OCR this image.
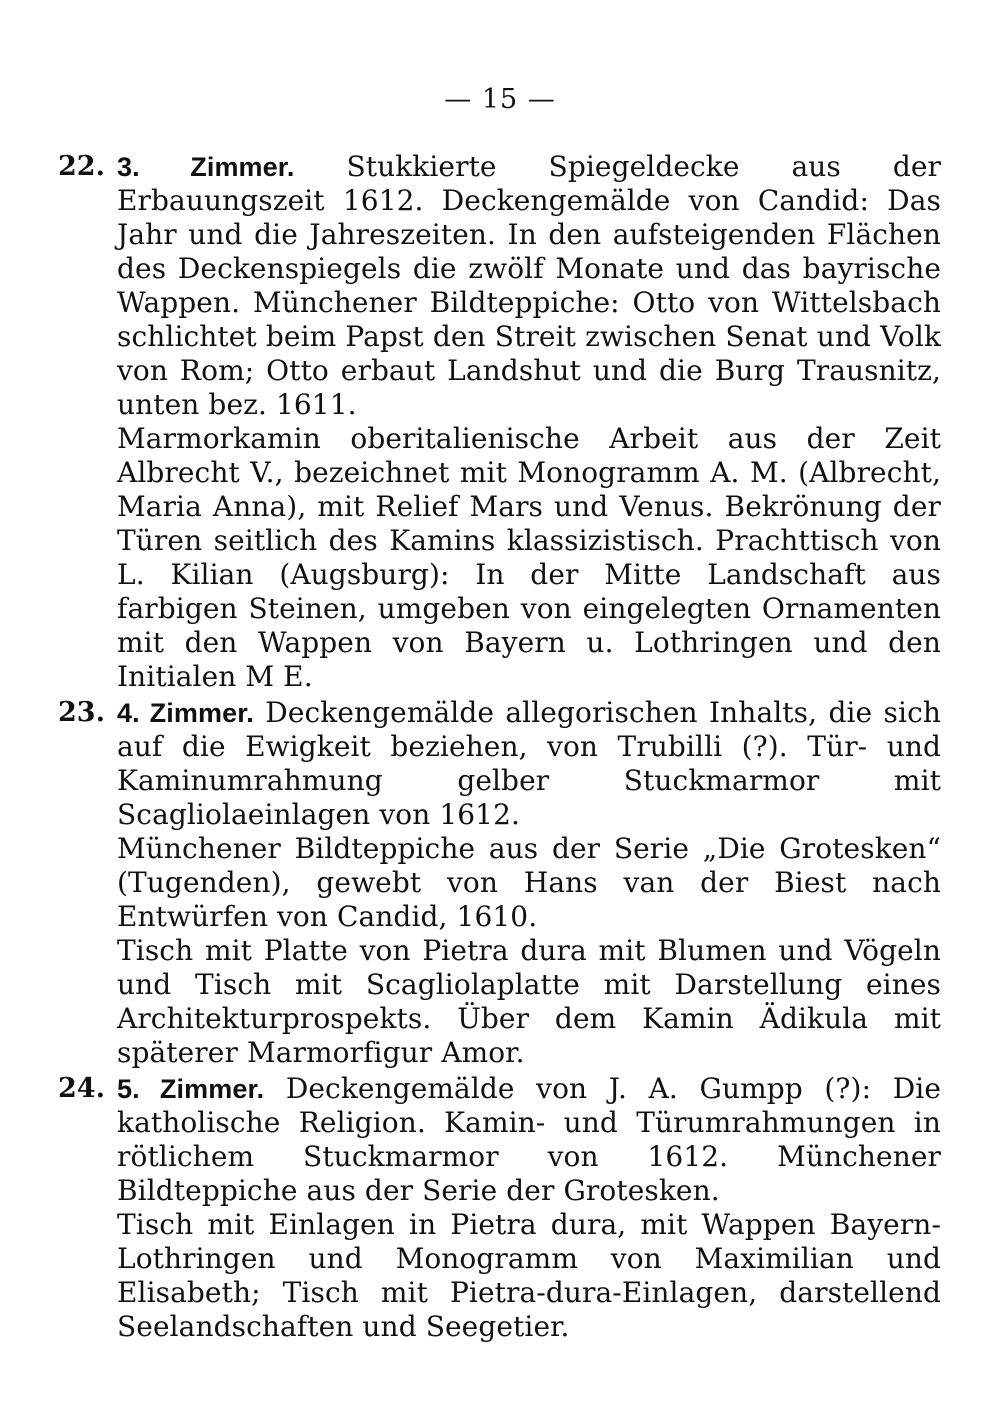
— 15 —
22. 3. Zimmer. Stukkierte Spiegeldecke aus der Erbauungszeit 1612. Deckengemälde von Candid: Das Jahr und die Jahreszeiten. In den aufsteigenden Flächen des Deckenspiegels die zwölf Monate und das bayrische Wappen. Münchener Bildteppiche: Otto von Wittelsbach schlichtet beim Papst den Streit zwischen Senat und Volk von Rom; Otto erbaut Landshut und die Burg Trausnitz, unten bez. 1611.

Marmorkamin oberitalienische Arbeit aus der Zeit Albrecht V., bezeichnet mit Monogramm A. M. (Albrecht, Maria Anna), mit Relief Mars und Venus. Bekrönung der Türen seitlich des Kamins klassizistisch. Prachttisch von L. Kilian (Augsburg): In der Mitte Landschaft aus farbigen Steinen, umgeben von eingelegten Ornamenten mit den Wappen von Bayern u. Lothringen und den Initialen M E.

23. 4. Zimmer. Deckengemälde allegorischen Inhalts, die sich auf die Ewigkeit beziehen, von Trubilli (?). Tür- und Kaminumrahmung gelber Stuckmarmor mit Scagliolaeinlagen von 1612.

Münchener Bildteppiche aus der Serie „Die Grotesken“ (Tugenden), gewebt von Hans van der Biest nach Entwürfen von Candid, 1610.

Tisch mit Platte von Pietra dura mit Blumen und Vögeln und Tisch mit Scagliolaplatte mit Darstellung eines Architekturprospekts. Über dem Kamin Ädikula mit späterer Marmorfigur Amor.

24. 5. Zimmer. Deckengemälde von J. A. Gumpp (?): Die katholische Religion. Kamin- und Türumrahmungen in rötlichem Stuckmarmor von 1612. Münchener Bildteppiche aus der Serie der Grotesken.

Tisch mit Einlagen in Pietra dura, mit Wappen Bayern-Lothringen und Monogramm von Maximilian und Elisabeth; Tisch mit Pietra-dura-Einlagen, darstellend Seelandschaften und Seegetier.
